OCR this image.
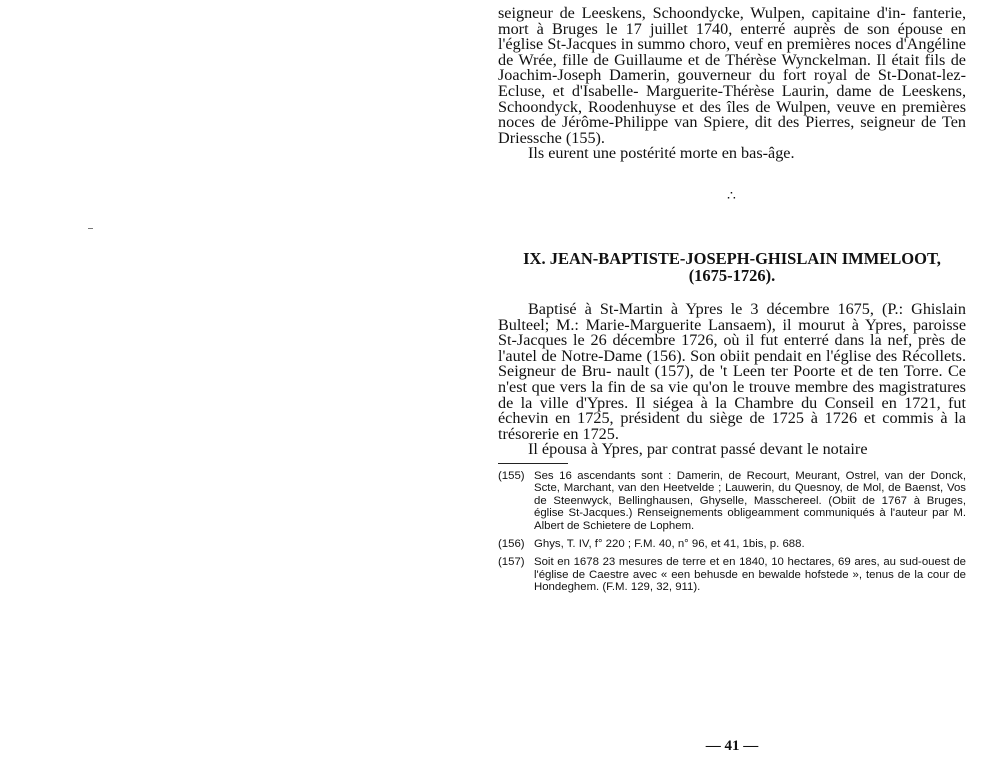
seigneur de Leeskens, Schoondycke, Wulpen, capitaine d'in- fanterie, mort à Bruges le 17 juillet 1740, enterré auprès de son épouse en l'église St-Jacques in summo choro, veuf en premières noces d'Angéline de Wrée, fille de Guillaume et de Thérèse Wynckelman. Il était fils de Joachim-Joseph Damerin, gouverneur du fort royal de St-Donat-lez-Ecluse, et d'Isabelle- Marguerite-Thérèse Laurin, dame de Leeskens, Schoondyck, Roodenhuyse et des îles de Wulpen, veuve en premières noces de Jérôme-Philippe van Spiere, dit des Pierres, seigneur de Ten Driessche (155).

Ils eurent une postérité morte en bas-âge.

∴
IX. JEAN-BAPTISTE-JOSEPH-GHISLAIN IMMELOOT,
(1675-1726).

Baptisé à St-Martin à Ypres le 3 décembre 1675, (P.: Ghislain Bulteel; M.: Marie-Marguerite Lansaem), il mourut à Ypres, paroisse St-Jacques le 26 décembre 1726, où il fut enterré dans la nef, près de l'autel de Notre-Dame (156). Son obiit pendait en l'église des Récollets. Seigneur de Bru- nault (157), de 't Leen ter Poorte et de ten Torre. Ce n'est que vers la fin de sa vie qu'on le trouve membre des magistratures de la ville d'Ypres. Il siégea à la Chambre du Conseil en 1721, fut échevin en 1725, président du siège de 1725 à 1726 et commis à la trésorerie en 1725.

Il épousa à Ypres, par contrat passé devant le notaire

(155) Ses 16 ascendants sont : Damerin, de Recourt, Meurant, Ostrel, van der Donck, Scte, Marchant, van den Heetvelde ; Lauwerin, du Quesnoy, de Mol, de Baenst, Vos de Steenwyck, Bellinghausen, Ghyselle, Masschereel. (Obiit de 1767 à Bruges, église St-Jacques.) Renseignements obligeamment communiqués à l'auteur par M. Albert de Schietere de Lophem.
(156) Ghys, T. IV, f° 220 ; F.M. 40, n° 96, et 41, 1bis, p. 688.
(157) Soit en 1678 23 mesures de terre et en 1840, 10 hectares, 69 ares, au sud-ouest de l'église de Caestre avec « een behusde en bewalde hofstede », tenus de la cour de Hondeghem. (F.M. 129, 32, 911).
— 41 —
